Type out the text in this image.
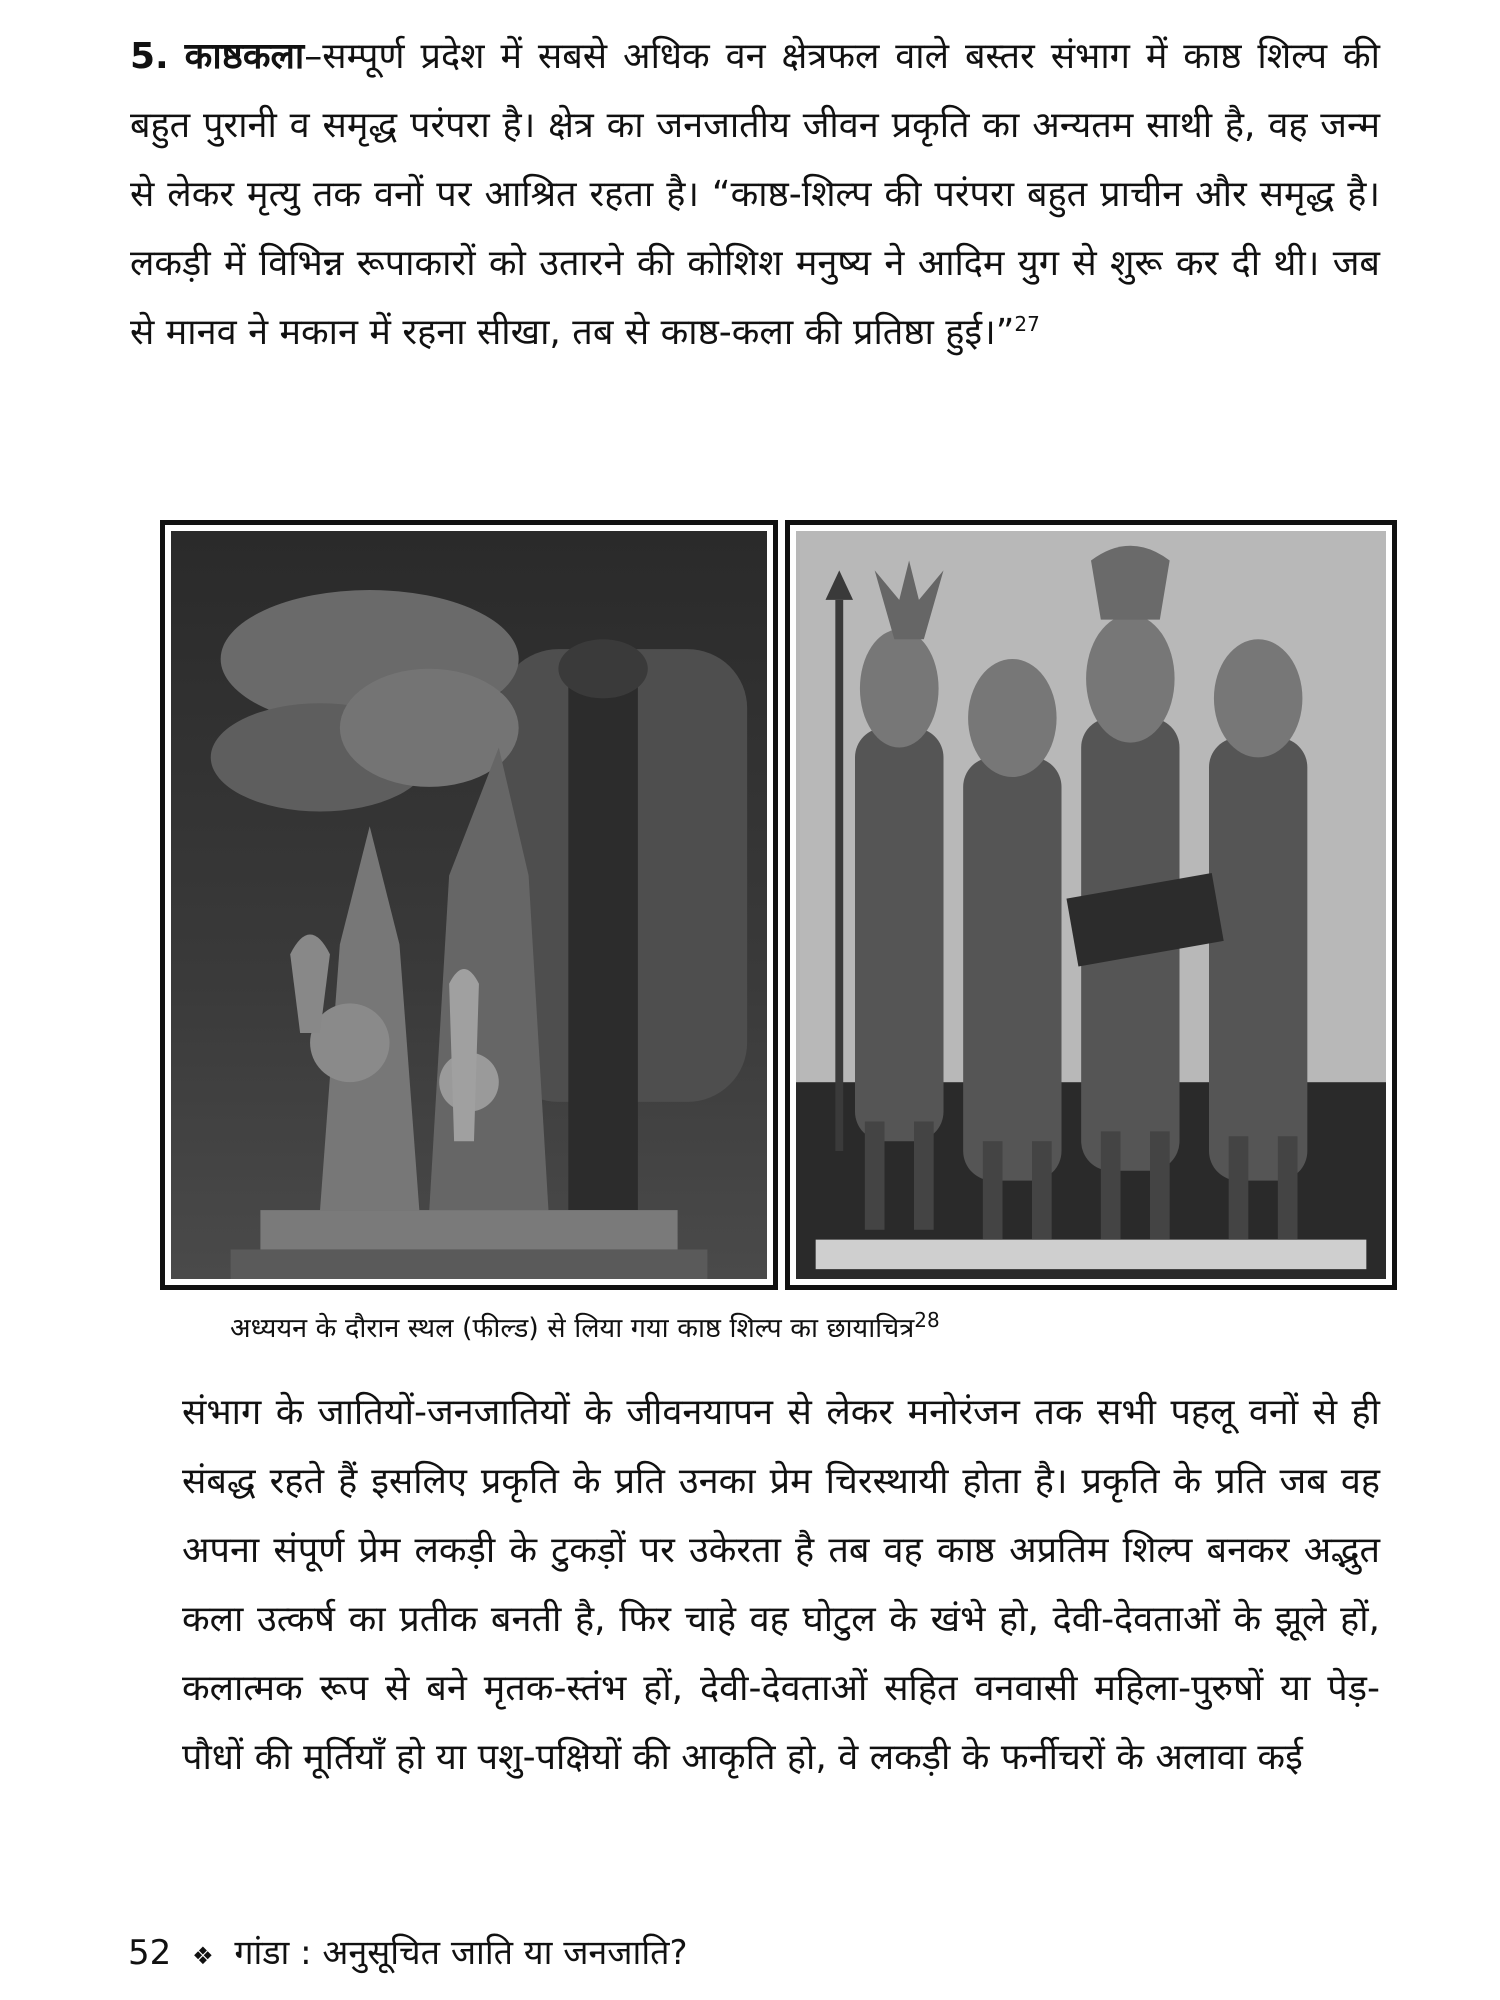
5. काष्ठकला–सम्पूर्ण प्रदेश में सबसे अधिक वन क्षेत्रफल वाले बस्तर संभाग में काष्ठ शिल्प की बहुत पुरानी व समृद्ध परंपरा है। क्षेत्र का जनजातीय जीवन प्रकृति का अन्यतम साथी है, वह जन्म से लेकर मृत्यु तक वनों पर आश्रित रहता है। “काष्ठ-शिल्प की परंपरा बहुत प्राचीन और समृद्ध है। लकड़ी में विभिन्न रूपाकारों को उतारने की कोशिश मनुष्य ने आदिम युग से शुरू कर दी थी। जब से मानव ने मकान में रहना सीखा, तब से काष्ठ-कला की प्रतिष्ठा हुई।”$^{27}$
अध्ययन के दौरान स्थल (फील्ड) से लिया गया काष्ठ शिल्प का छायाचित्र$^{28}$
संभाग के जातियों-जनजातियों के जीवनयापन से लेकर मनोरंजन तक सभी पहलू वनों से ही संबद्ध रहते हैं इसलिए प्रकृति के प्रति उनका प्रेम चिरस्थायी होता है। प्रकृति के प्रति जब वह अपना संपूर्ण प्रेम लकड़ी के टुकड़ों पर उकेरता है तब वह काष्ठ अप्रतिम शिल्प बनकर अद्भुत कला उत्कर्ष का प्रतीक बनती है, फिर चाहे वह घोटुल के खंभे हो, देवी-देवताओं के झूले हों, कलात्मक रूप से बने मृतक-स्तंभ हों, देवी-देवताओं सहित वनवासी महिला-पुरुषों या पेड़-पौधों की मूर्तियाँ हो या पशु-पक्षियों की आकृति हो, वे लकड़ी के फर्नीचरों के अलावा कई
52 ❖ गांडा : अनुसूचित जाति या जनजाति?
